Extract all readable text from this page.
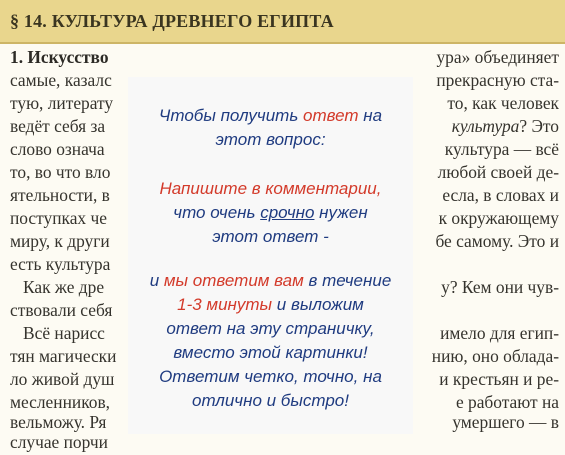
§ 14. КУЛЬТУРА ДРЕВНЕГО ЕГИПТА
1. Искусство	ура» объединяет
самые, казалс	прекрасную ста-
тую, литерату	то, как человек
ведёт себя за	культура? Это
слово означа	культура — всё
то, во что вло	любой своей де-
ятельности, в	есла, в словах и
поступках че	к окружающему
миру, к други	бе самому. Это и
есть культура
Как же дре	у? Кем они чув-
ствовали себя
Всё нарисс	имело для егип-
тян магически	нию, оно облада-
ло живой душ	и крестьян и ре-
месленников,	е работают на
вельможу. Ря	умершего — в
случае порчи
Чтобы получить ответ на
этот вопрос:
Напишите в комментарии,
что очень срочно нужен
этот ответ -
и мы ответим вам в течение
1-3 минуты и выложим
ответ на эту страничку,
вместо этой картинки!
Ответим четко, точно, на
отлично и быстро!
